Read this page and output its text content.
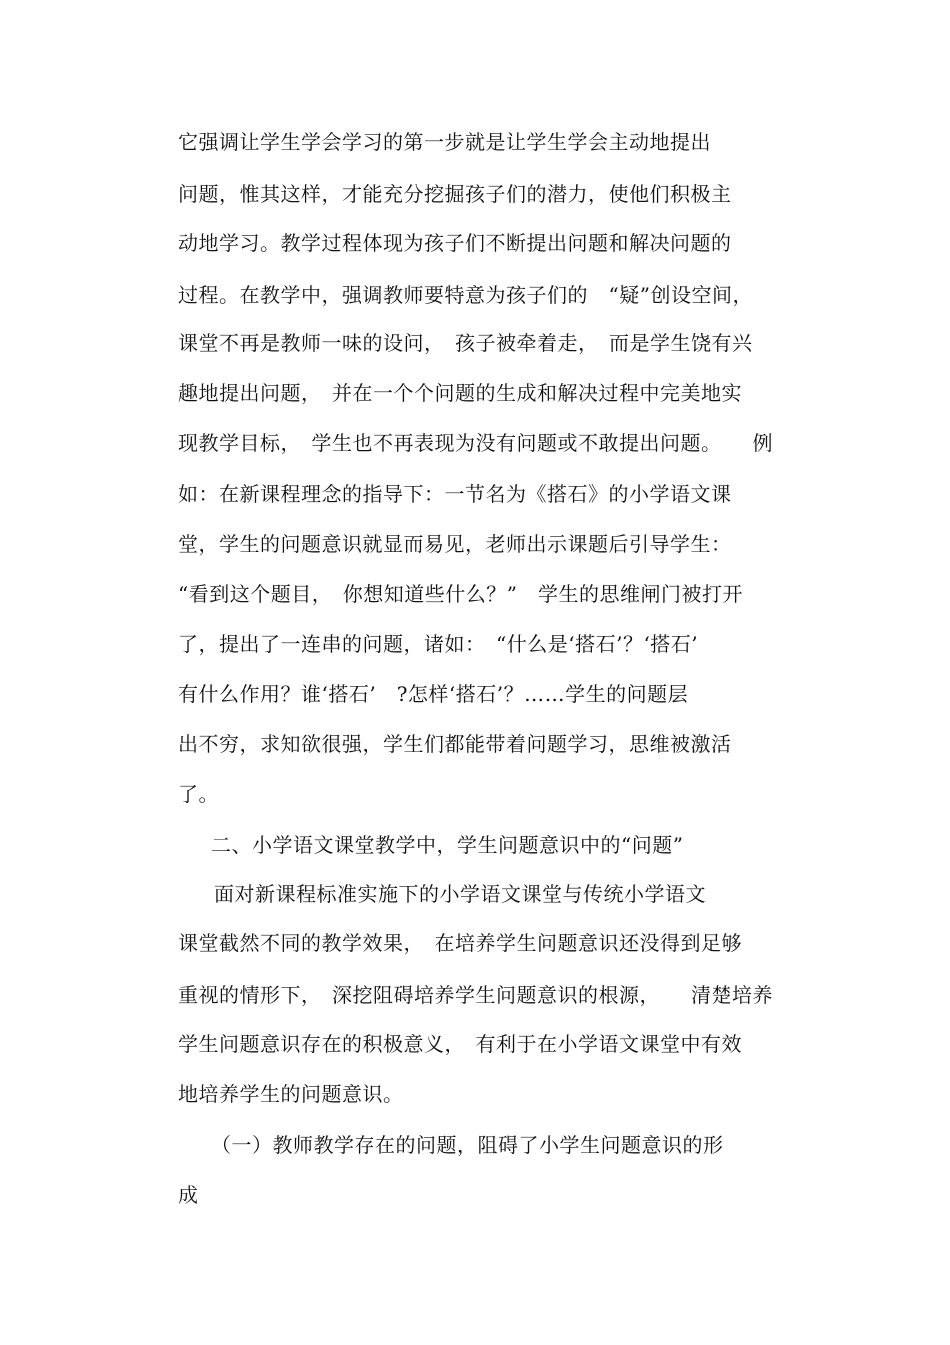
它强调让学生学会学习的第一步就是让学生学会主动地提出
问题，惟其这样，才能充分挖掘孩子们的潜力，使他们积极主
动地学习。教学过程体现为孩子们不断提出问题和解决问题的
过程。在教学中，强调教师要特意为孩子们的　“疑”创设空间，
课堂不再是教师一味的设问，　孩子被牵着走，　而是学生饶有兴
趣地提出问题，　并在一个个问题的生成和解决过程中完美地实
现教学目标，　学生也不再表现为没有问题或不敢提出问题。　　例
如：在新课程理念的指导下：一节名为《搭石》的小学语文课
堂，学生的问题意识就显而易见，老师出示课题后引导学生：
“看到这个题目，　你想知道些什么？”　学生的思维闸门被打开
了，提出了一连串的问题，诸如：　“什么是‘搭石’？‘搭石’
有什么作用？谁‘搭石’　?怎样‘搭石’？……学生的问题层
出不穷，求知欲很强，学生们都能带着问题学习，思维被激活
了。
二、小学语文课堂教学中，学生问题意识中的“问题”
面对新课程标准实施下的小学语文课堂与传统小学语文
课堂截然不同的教学效果，　在培养学生问题意识还没得到足够
重视的情形下，　深挖阻碍培养学生问题意识的根源，　　清楚培养
学生问题意识存在的积极意义，　有利于在小学语文课堂中有效
地培养学生的问题意识。
（一）教师教学存在的问题，阻碍了小学生问题意识的形
成
